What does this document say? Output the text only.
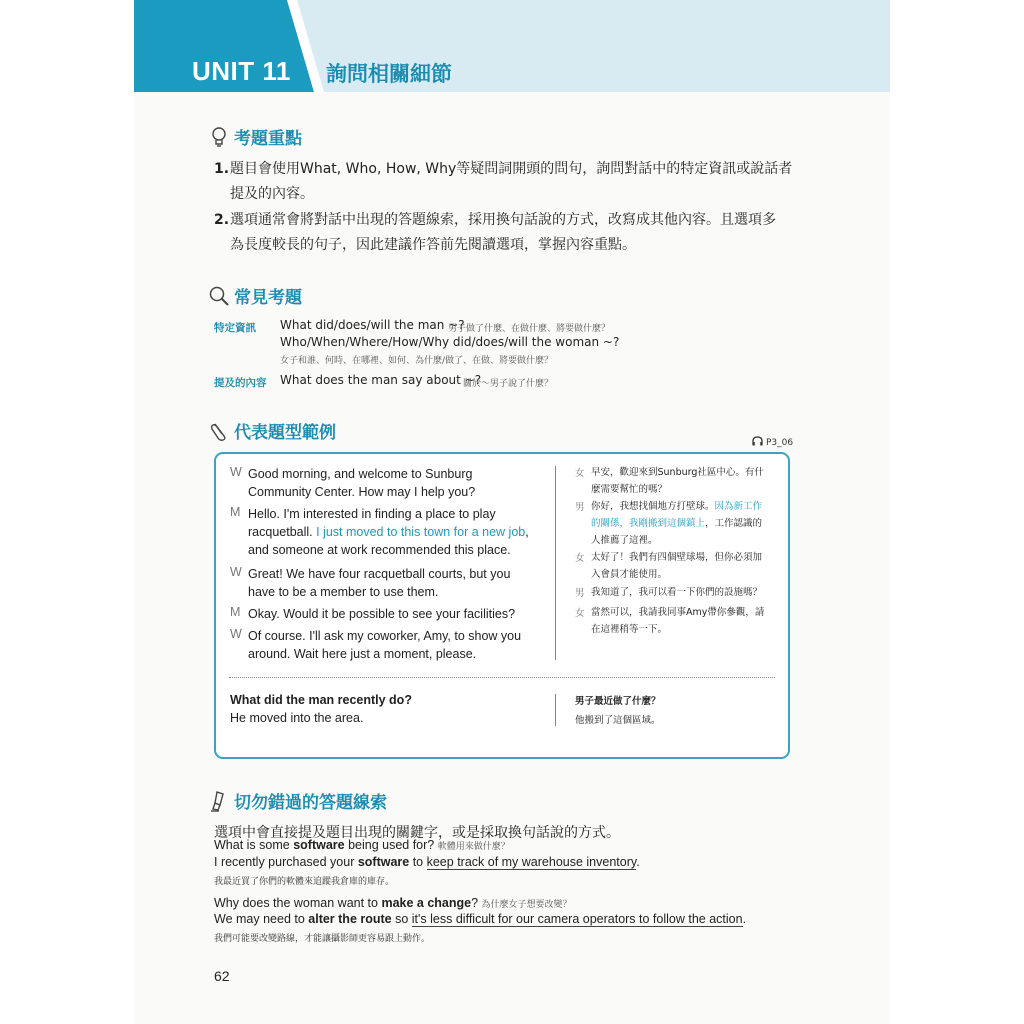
UNIT 11 詢問相關細節
考題重點
1.題目會使用What, Who, How, Why等疑問詞開頭的問句，詢問對話中的特定資訊或說話者
提及的內容。
2.選項通常會將對話中出現的答題線索，採用換句話說的方式，改寫成其他內容。且選項多
為長度較長的句子，因此建議作答前先閱讀選項，掌握內容重點。
常見考題
特定資訊 What did/does/will the man ~?
男子做了什麼、在做什麼、將要做什麼？
Who/When/Where/How/Why did/does/will the woman ~?
女子和誰、何時、在哪裡、如何、為什麼/做了、在做、將要做什麼？
提及的內容 What does the man say about ~?
關於～男子說了什麼？
代表題型範例	P3_06
W Good morning, and welcome to Sunburg
Community Center. How may I help you?
M Hello. I'm interested in finding a place to play
racquetball. I just moved to this town for a new job,
and someone at work recommended this place.
W Great! We have four racquetball courts, but you
have to be a member to use them.
M Okay. Would it be possible to see your facilities?
W Of course. I'll ask my coworker, Amy, to show you
around. Wait here just a moment, please.
女 早安，歡迎來到Sunburg社區中心。有什
麼需要幫忙的嗎？
男 你好，我想找個地方打壁球。因為新工作
的關係，我剛搬到這個鎮上，工作認識的
人推薦了這裡。
女 太好了！我們有四個壁球場，但你必須加
入會員才能使用。
男 我知道了，我可以看一下你們的設施嗎？
女 當然可以，我請我同事Amy帶你參觀，請
在這裡稍等一下。
What did the man recently do?
He moved into the area.
男子最近做了什麼？
他搬到了這個區域。
切勿錯過的答題線索
選項中會直接提及題目出現的關鍵字，或是採取換句話說的方式。
What is some software being used for? 軟體用來做什麼？
I recently purchased your software to keep track of my warehouse inventory.
我最近買了你們的軟體來追蹤我倉庫的庫存。
Why does the woman want to make a change? 為什麼女子想要改變？
We may need to alter the route so it's less difficult for our camera operators to follow the action.
我們可能要改變路線，才能讓攝影師更容易跟上動作。
62
